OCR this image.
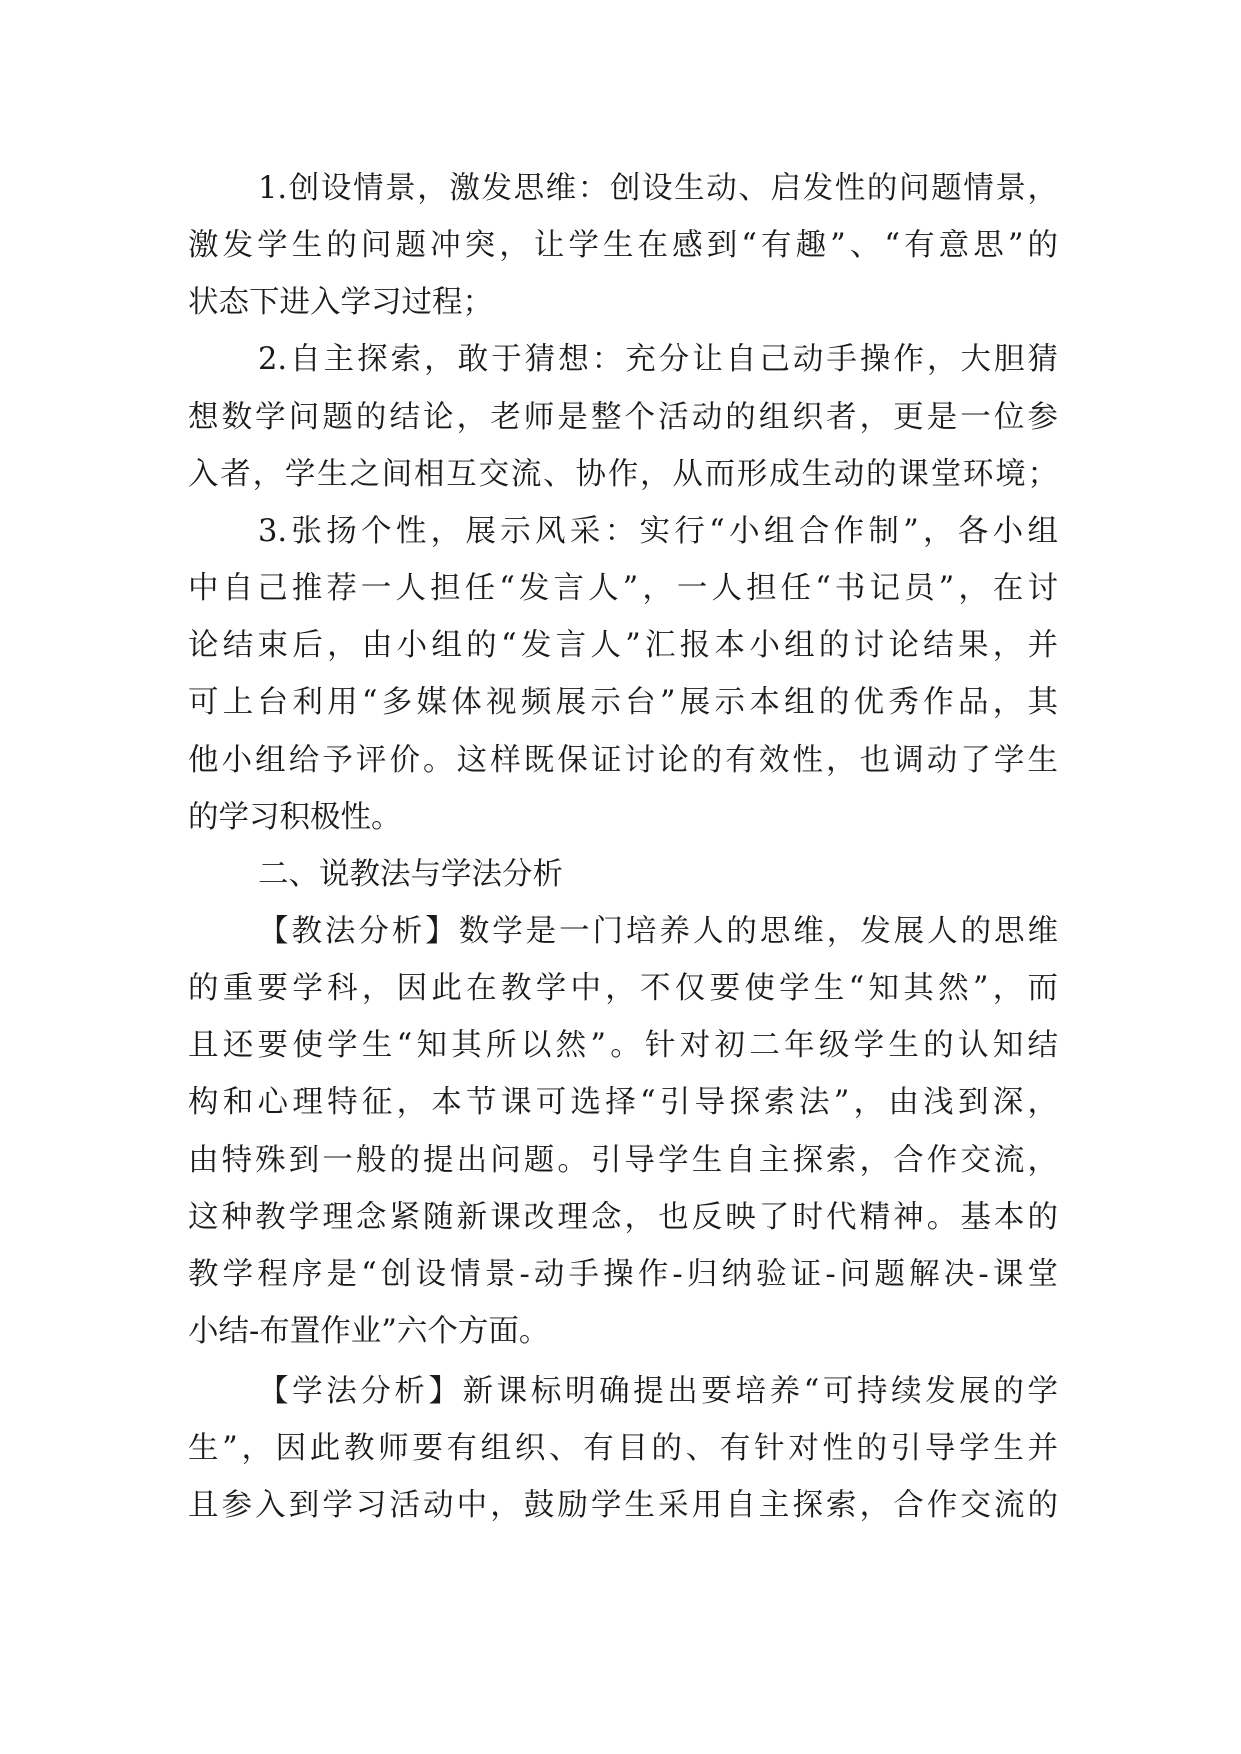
1.创设情景，激发思维：创设生动、启发性的问题情景，
激发学生的问题冲突，让学生在感到“有趣”、“有意思”的
状态下进入学习过程；
2.自主探索，敢于猜想：充分让自己动手操作，大胆猜
想数学问题的结论，老师是整个活动的组织者，更是一位参
入者，学生之间相互交流、协作，从而形成生动的课堂环境；
3.张扬个性，展示风采：实行“小组合作制”，各小组
中自己推荐一人担任“发言人”，一人担任“书记员”，在讨
论结束后，由小组的“发言人”汇报本小组的讨论结果，并
可上台利用“多媒体视频展示台”展示本组的优秀作品，其
他小组给予评价。这样既保证讨论的有效性，也调动了学生
的学习积极性。
二、说教法与学法分析
【教法分析】数学是一门培养人的思维，发展人的思维
的重要学科，因此在教学中，不仅要使学生“知其然”，而
且还要使学生“知其所以然”。针对初二年级学生的认知结
构和心理特征，本节课可选择“引导探索法”，由浅到深，
由特殊到一般的提出问题。引导学生自主探索，合作交流，
这种教学理念紧随新课改理念，也反映了时代精神。基本的
教学程序是“创设情景-动手操作-归纳验证-问题解决-课堂
小结-布置作业”六个方面。
【学法分析】新课标明确提出要培养“可持续发展的学
生”，因此教师要有组织、有目的、有针对性的引导学生并
且参入到学习活动中，鼓励学生采用自主探索，合作交流的
